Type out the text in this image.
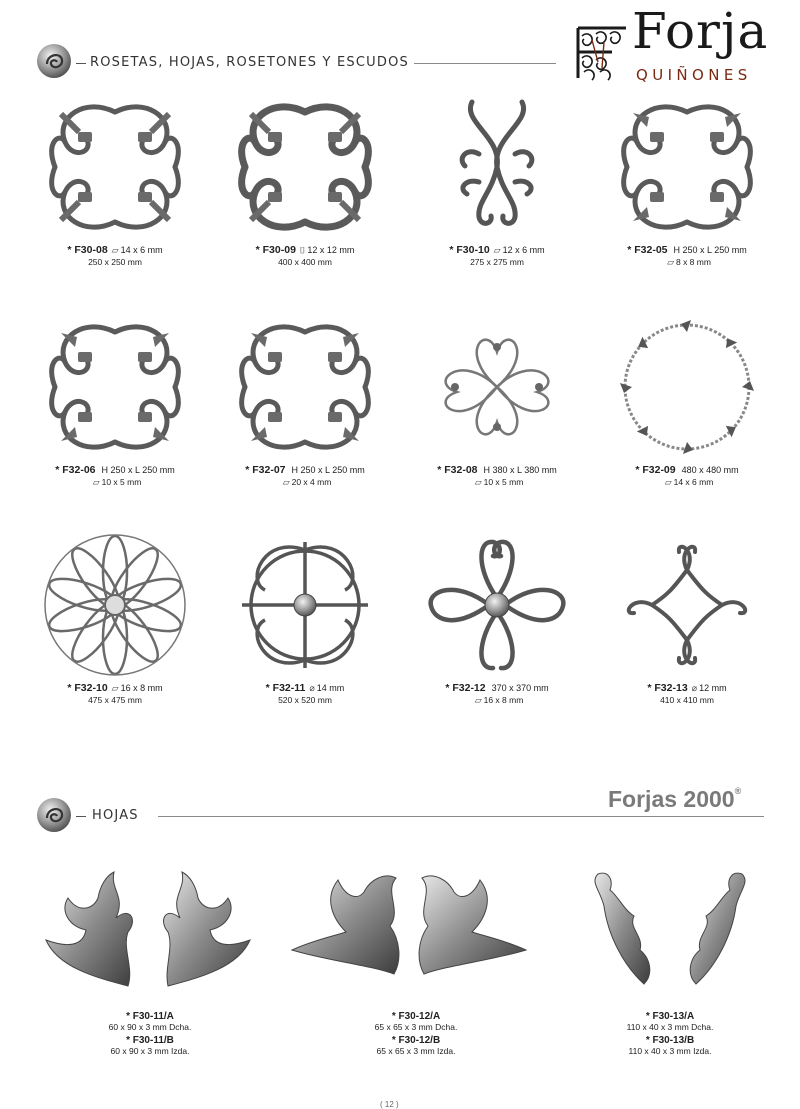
ROSETAS, HOJAS, ROSETONES Y ESCUDOS
Forja
QUIÑONES
* F30-08 ▱ 14 x 6 mm
250 x 250 mm
* F30-09 ⌷ 12 x 12 mm
400 x 400 mm
* F30-10 ▱ 12 x 6 mm
275 x 275 mm
* F32-05 H 250 x L 250 mm
▱ 8 x 8 mm
* F32-06 H 250 x L 250 mm
▱ 10 x 5 mm
* F32-07 H 250 x L 250 mm
▱ 20 x 4 mm
* F32-08 H 380 x L 380 mm
▱ 10 x 5 mm
* F32-09 480 x 480 mm
▱ 14 x 6 mm
* F32-10 ▱ 16 x 8 mm
475 x 475 mm
* F32-11 ⌀ 14 mm
520 x 520 mm
* F32-12 370 x 370 mm
▱ 16 x 8 mm
* F32-13 ⌀ 12 mm
410 x 410 mm
HOJAS
Forjas 2000®
* F30-11/A
60 x 90 x 3 mm Dcha.
* F30-11/B
60 x 90 x 3 mm Izda.
* F30-12/A
65 x 65 x 3 mm Dcha.
* F30-12/B
65 x 65 x 3 mm Izda.
* F30-13/A
110 x 40 x 3 mm Dcha.
* F30-13/B
110 x 40 x 3 mm Izda.
( 12 )
